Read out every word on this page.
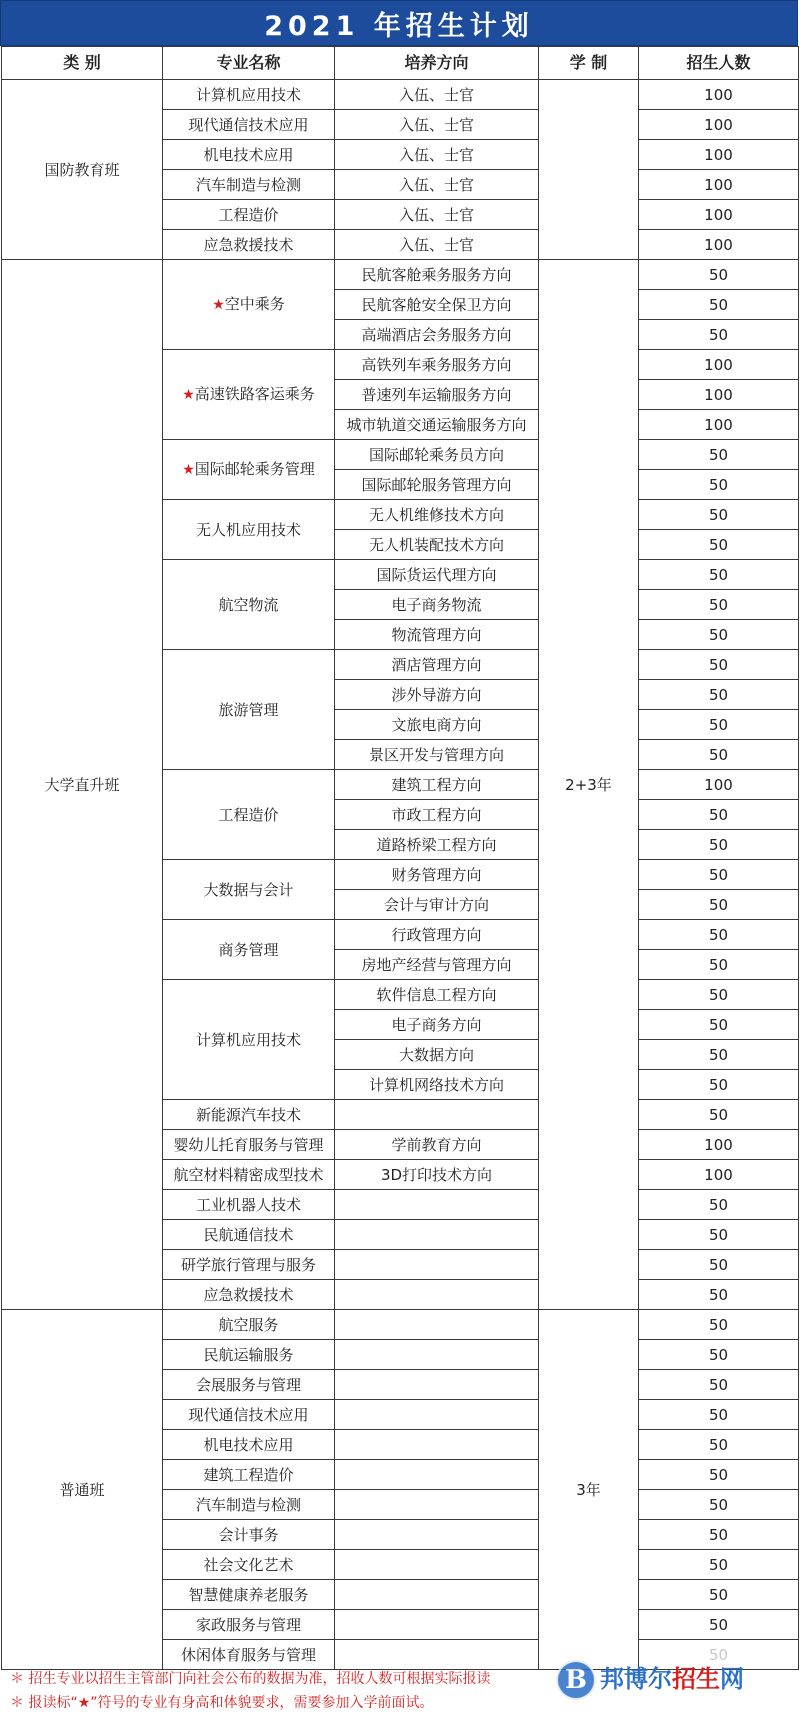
2021 年招生计划
类 别	专业名称	培养方向	学 制	招生人数
国防教育班	计算机应用技术	入伍、士官		100
	现代通信技术应用	入伍、士官		100
	机电技术应用	入伍、士官		100
	汽车制造与检测	入伍、士官		100
	工程造价	入伍、士官		100
	应急救援技术	入伍、士官		100
大学直升班	★空中乘务	民航客舱乘务服务方向	2+3年	50
		民航客舱安全保卫方向		50
		高端酒店会务服务方向		50
	★高速铁路客运乘务	高铁列车乘务服务方向		100
		普速列车运输服务方向		100
		城市轨道交通运输服务方向		100
	★国际邮轮乘务管理	国际邮轮乘务员方向		50
		国际邮轮服务管理方向		50
	无人机应用技术	无人机维修技术方向		50
		无人机装配技术方向		50
	航空物流	国际货运代理方向		50
		电子商务物流		50
		物流管理方向		50
	旅游管理	酒店管理方向		50
		涉外导游方向		50
		文旅电商方向		50
		景区开发与管理方向		50
	工程造价	建筑工程方向		100
		市政工程方向		50
		道路桥梁工程方向		50
	大数据与会计	财务管理方向		50
		会计与审计方向		50
	商务管理	行政管理方向		50
		房地产经营与管理方向		50
	计算机应用技术	软件信息工程方向		50
		电子商务方向		50
		大数据方向		50
		计算机网络技术方向		50
	新能源汽车技术			50
	婴幼儿托育服务与管理	学前教育方向		100
	航空材料精密成型技术	3D打印技术方向		100
	工业机器人技术			50
	民航通信技术			50
	研学旅行管理与服务			50
	应急救援技术			50
普通班	航空服务		3年	50
	民航运输服务			50
	会展服务与管理			50
	现代通信技术应用			50
	机电技术应用			50
	建筑工程造价			50
	汽车制造与检测			50
	会计事务			50
	社会文化艺术			50
	智慧健康养老服务			50
	家政服务与管理			50
	休闲体育服务与管理			50
＊ 招生专业以招生主管部门向社会公布的数据为准，招收人数可根据实际报读
＊ 报读标“★”符号的专业有身高和体貌要求，需要参加入学前面试。
B 邦博尔招生网
